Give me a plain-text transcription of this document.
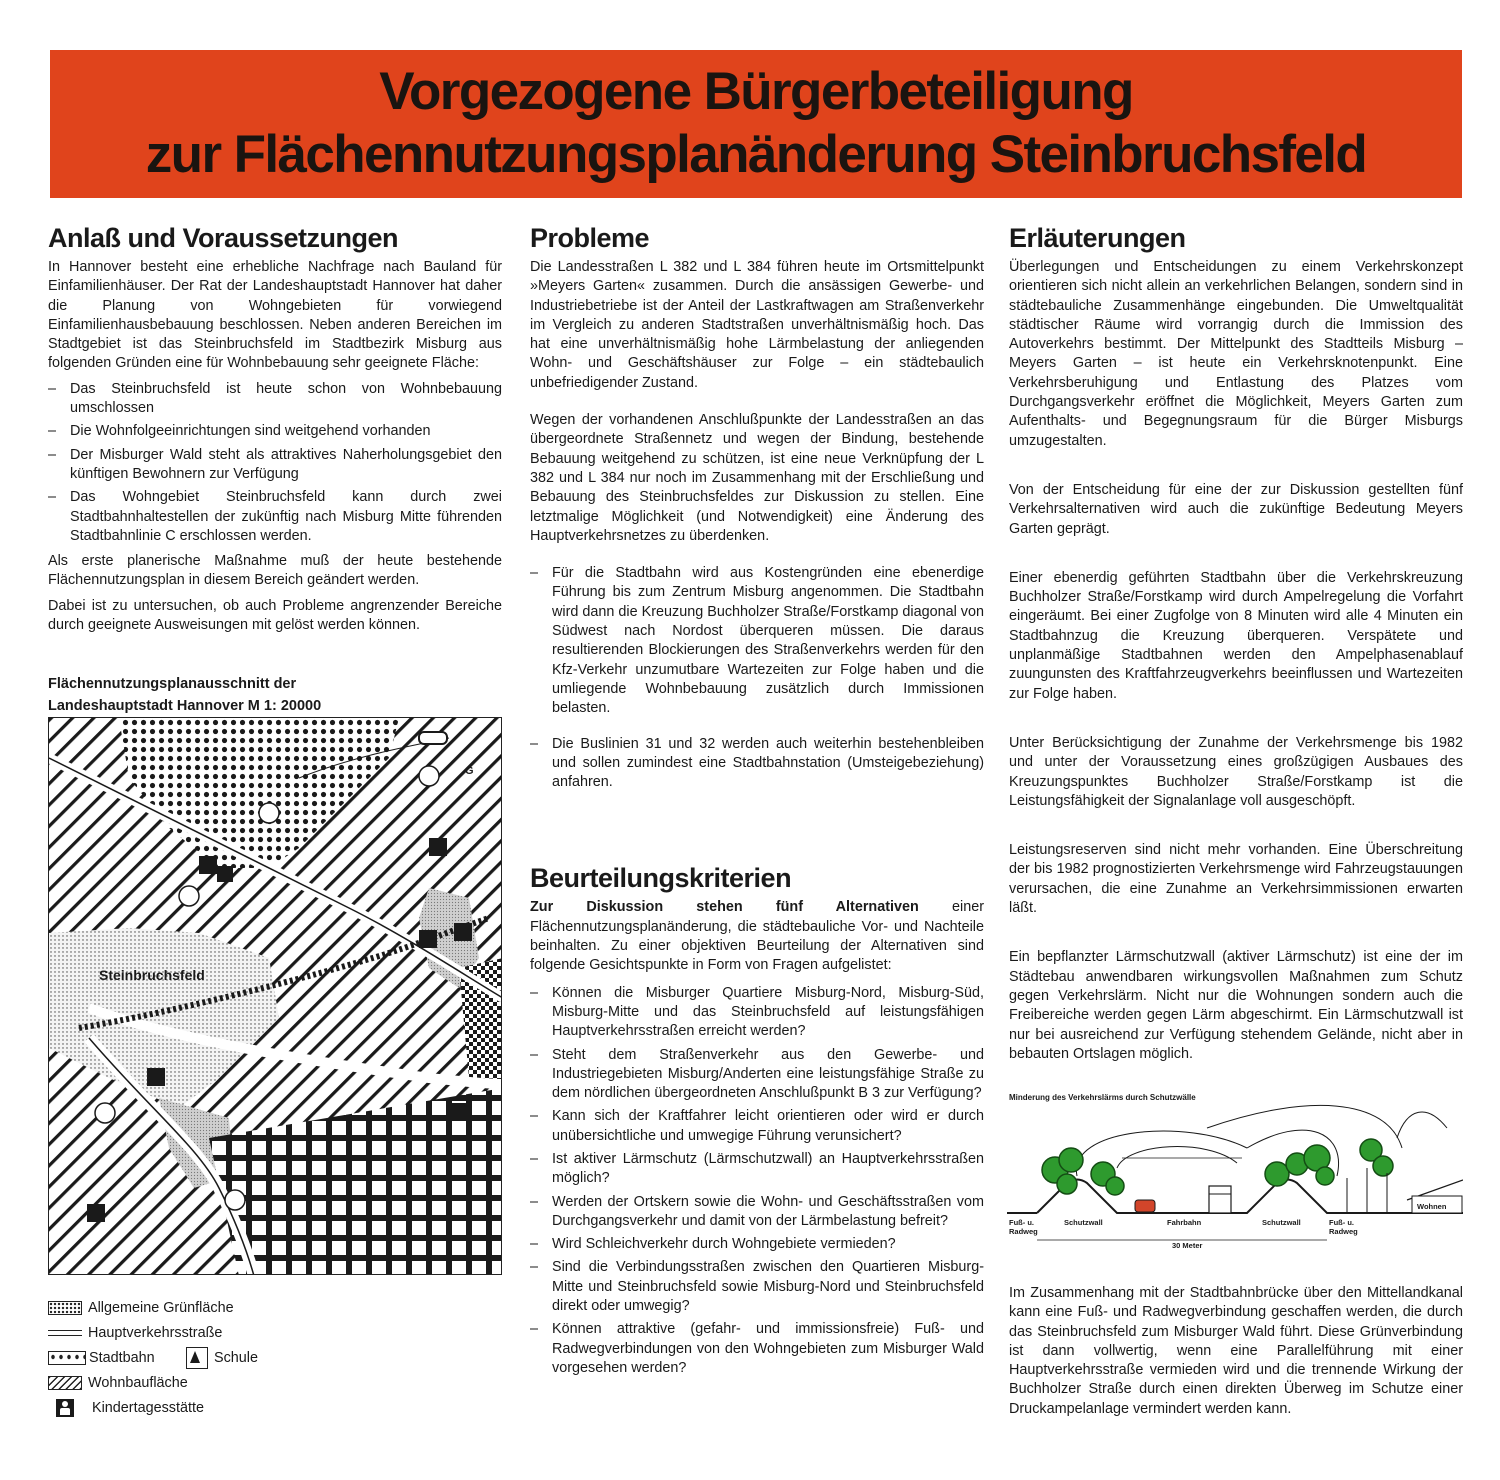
Vorgezogene Bürgerbeteiligung
zur Flächennutzungsplanänderung Steinbruchsfeld
Anlaß und Voraussetzungen

In Hannover besteht eine erhebliche Nachfrage nach Bauland für Einfamilienhäuser. Der Rat der Landeshauptstadt Hannover hat daher die Planung von Wohngebieten für vorwiegend Einfamilienhausbebauung beschlossen. Neben anderen Bereichen im Stadtgebiet ist das Steinbruchsfeld im Stadtbezirk Misburg aus folgenden Gründen eine für Wohnbebauung sehr geeignete Fläche:

– Das Steinbruchsfeld ist heute schon von Wohnbebauung umschlossen
– Die Wohnfolgeeinrichtungen sind weitgehend vorhanden
– Der Misburger Wald steht als attraktives Naherholungsgebiet den künftigen Bewohnern zur Verfügung
– Das Wohngebiet Steinbruchsfeld kann durch zwei Stadtbahnhaltestellen der zukünftig nach Misburg Mitte führenden Stadtbahnlinie C erschlossen werden.

Als erste planerische Maßnahme muß der heute bestehende Flächennutzungsplan in diesem Bereich geändert werden.

Dabei ist zu untersuchen, ob auch Probleme angrenzender Bereiche durch geeignete Ausweisungen mit gelöst werden können.

Flächennutzungsplanausschnitt der
Landeshauptstadt Hannover M 1: 20000
Steinbruchsfeld
G
Allgemeine Grünfläche
Hauptverkehrsstraße
Stadtbahn	Schule
Wohnbaufläche
Kindertagesstätte
Probleme

Die Landesstraßen L 382 und L 384 führen heute im Ortsmittelpunkt »Meyers Garten« zusammen. Durch die ansässigen Gewerbe- und Industriebetriebe ist der Anteil der Lastkraftwagen am Straßenverkehr im Vergleich zu anderen Stadtstraßen unverhältnismäßig hoch. Das hat eine unverhältnismäßig hohe Lärmbelastung der anliegenden Wohn- und Geschäftshäuser zur Folge – ein städtebaulich unbefriedigender Zustand.

Wegen der vorhandenen Anschlußpunkte der Landesstraßen an das übergeordnete Straßennetz und wegen der Bindung, bestehende Bebauung weitgehend zu schützen, ist eine neue Verknüpfung der L 382 und L 384 nur noch im Zusammenhang mit der Erschließung und Bebauung des Steinbruchsfeldes zur Diskussion zu stellen. Eine letztmalige Möglichkeit (und Notwendigkeit) eine Änderung des Hauptverkehrsnetzes zu überdenken.

– Für die Stadtbahn wird aus Kostengründen eine ebenerdige Führung bis zum Zentrum Misburg angenommen. Die Stadtbahn wird dann die Kreuzung Buchholzer Straße/Forstkamp diagonal von Südwest nach Nordost überqueren müssen. Die daraus resultierenden Blockierungen des Straßenverkehrs werden für den Kfz-Verkehr unzumutbare Wartezeiten zur Folge haben und die umliegende Wohnbebauung zusätzlich durch Immissionen belasten.
– Die Buslinien 31 und 32 werden auch weiterhin bestehenbleiben und sollen zumindest eine Stadtbahnstation (Umsteigebeziehung) anfahren.
Beurteilungskriterien

Zur Diskussion stehen fünf Alternativen einer Flächennutzungsplanänderung, die städtebauliche Vor- und Nachteile beinhalten. Zu einer objektiven Beurteilung der Alternativen sind folgende Gesichtspunkte in Form von Fragen aufgelistet:

– Können die Misburger Quartiere Misburg-Nord, Misburg-Süd, Misburg-Mitte und das Steinbruchsfeld auf leistungsfähigen Hauptverkehrsstraßen erreicht werden?
– Steht dem Straßenverkehr aus den Gewerbe- und Industriegebieten Misburg/Anderten eine leistungsfähige Straße zu dem nördlichen übergeordneten Anschlußpunkt B 3 zur Verfügung?
– Kann sich der Kraftfahrer leicht orientieren oder wird er durch unübersichtliche und umwegige Führung verunsichert?
– Ist aktiver Lärmschutz (Lärmschutzwall) an Hauptverkehrsstraßen möglich?
– Werden der Ortskern sowie die Wohn- und Geschäftsstraßen vom Durchgangsverkehr und damit von der Lärmbelastung befreit?
– Wird Schleichverkehr durch Wohngebiete vermieden?
– Sind die Verbindungsstraßen zwischen den Quartieren Misburg-Mitte und Steinbruchsfeld sowie Misburg-Nord und Steinbruchsfeld direkt oder umwegig?
– Können attraktive (gefahr- und immissionsfreie) Fuß- und Radwegverbindungen von den Wohngebieten zum Misburger Wald vorgesehen werden?
Erläuterungen

Überlegungen und Entscheidungen zu einem Verkehrskonzept orientieren sich nicht allein an verkehrlichen Belangen, sondern sind in städtebauliche Zusammenhänge eingebunden. Die Umweltqualität städtischer Räume wird vorrangig durch die Immission des Autoverkehrs bestimmt. Der Mittelpunkt des Stadtteils Misburg – Meyers Garten – ist heute ein Verkehrsknotenpunkt. Eine Verkehrsberuhigung und Entlastung des Platzes vom Durchgangsverkehr eröffnet die Möglichkeit, Meyers Garten zum Aufenthalts- und Begegnungsraum für die Bürger Misburgs umzugestalten.

Von der Entscheidung für eine der zur Diskussion gestellten fünf Verkehrsalternativen wird auch die zukünftige Bedeutung Meyers Garten geprägt.

Einer ebenerdig geführten Stadtbahn über die Verkehrskreuzung Buchholzer Straße/Forstkamp wird durch Ampelregelung die Vorfahrt eingeräumt. Bei einer Zugfolge von 8 Minuten wird alle 4 Minuten ein Stadtbahnzug die Kreuzung überqueren. Verspätete und unplanmäßige Stadtbahnen werden den Ampelphasenablauf zuungunsten des Kraftfahrzeugverkehrs beeinflussen und Wartezeiten zur Folge haben.

Unter Berücksichtigung der Zunahme der Verkehrsmenge bis 1982 und unter der Voraussetzung eines großzügigen Ausbaues des Kreuzungspunktes Buchholzer Straße/Forstkamp ist die Leistungsfähigkeit der Signalanlage voll ausgeschöpft.

Leistungsreserven sind nicht mehr vorhanden. Eine Überschreitung der bis 1982 prognostizierten Verkehrsmenge wird Fahrzeugstauungen verursachen, die eine Zunahme an Verkehrsimmissionen erwarten läßt.

Ein bepflanzter Lärmschutzwall (aktiver Lärmschutz) ist eine der im Städtebau anwendbaren wirkungsvollen Maßnahmen zum Schutz gegen Verkehrslärm. Nicht nur die Wohnungen sondern auch die Freibereiche werden gegen Lärm abgeschirmt. Ein Lärmschutzwall ist nur bei ausreichend zur Verfügung stehendem Gelände, nicht aber in bebauten Ortslagen möglich.

Minderung des Verkehrslärms durch Schutzwälle
Fuß- u.
Radweg
Schutzwall	Fahrbahn	Schutzwall	Fuß- u.
Radweg
Wohnen
30 Meter

Im Zusammenhang mit der Stadtbahnbrücke über den Mittellandkanal kann eine Fuß- und Radwegverbindung geschaffen werden, die durch das Steinbruchsfeld zum Misburger Wald führt. Diese Grünverbindung ist dann vollwertig, wenn eine Parallelführung mit einer Hauptverkehrsstraße vermieden wird und die trennende Wirkung der Buchholzer Straße durch einen direkten Überweg im Schutze einer Druckampelanlage vermindert werden kann.
